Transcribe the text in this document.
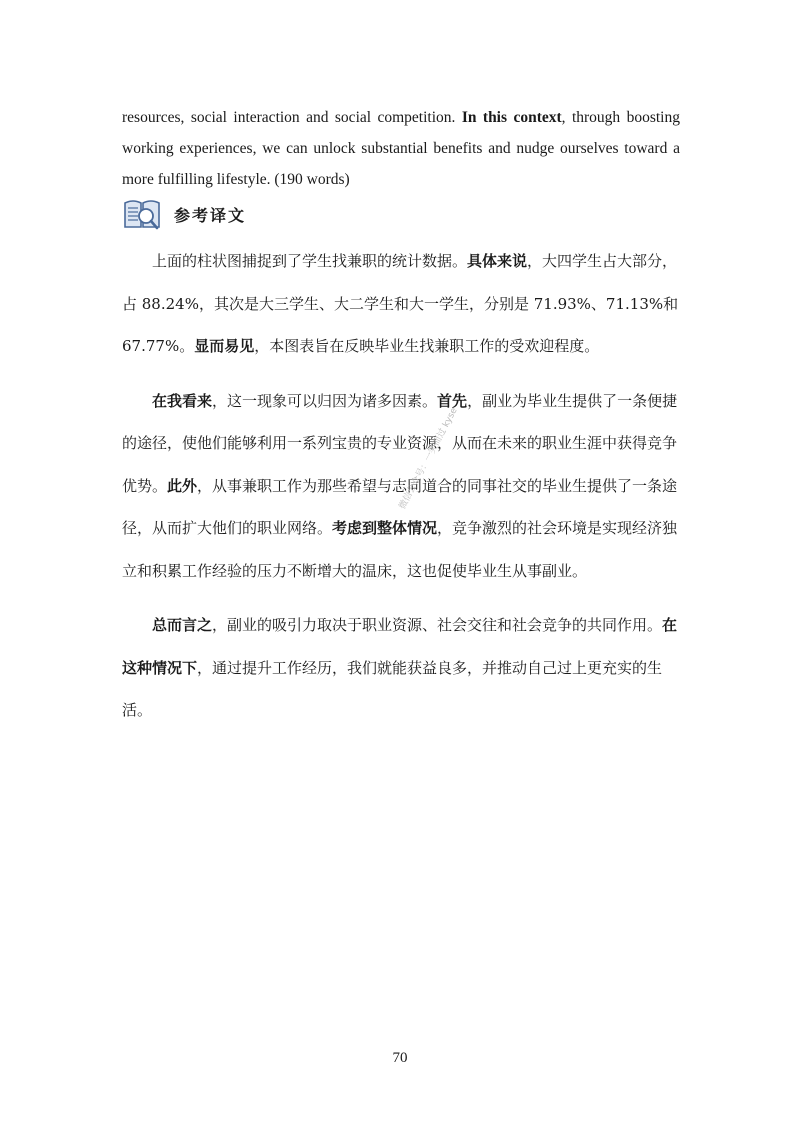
resources, social interaction and social competition. In this context, through boosting working experiences, we can unlock substantial benefits and nudge ourselves toward a more fulfilling lifestyle. (190 words)
参考译文

　　上面的柱状图捕捉到了学生找兼职的统计数据。具体来说，大四学生占大部分，占 88.24%，其次是大三学生、大二学生和大一学生，分别是 71.93%、71.13%和 67.77%。显而易见，本图表旨在反映毕业生找兼职工作的受欢迎程度。

　　在我看来，这一现象可以归因为诸多因素。首先，副业为毕业生提供了一条便捷的途径，使他们能够利用一系列宝贵的专业资源，从而在未来的职业生涯中获得竞争优势。此外，从事兼职工作为那些希望与志同道合的同事社交的毕业生提供了一条途径，从而扩大他们的职业网络。考虑到整体情况，竞争激烈的社会环境是实现经济独立和积累工作经验的压力不断增大的温床，这也促使毕业生从事副业。

　　总而言之，副业的吸引力取决于职业资源、社会交往和社会竞争的共同作用。在这种情况下，通过提升工作经历，我们就能获益良多，并推动自己过上更充实的生活。

微信公众号：一笑而过 kyse
70
